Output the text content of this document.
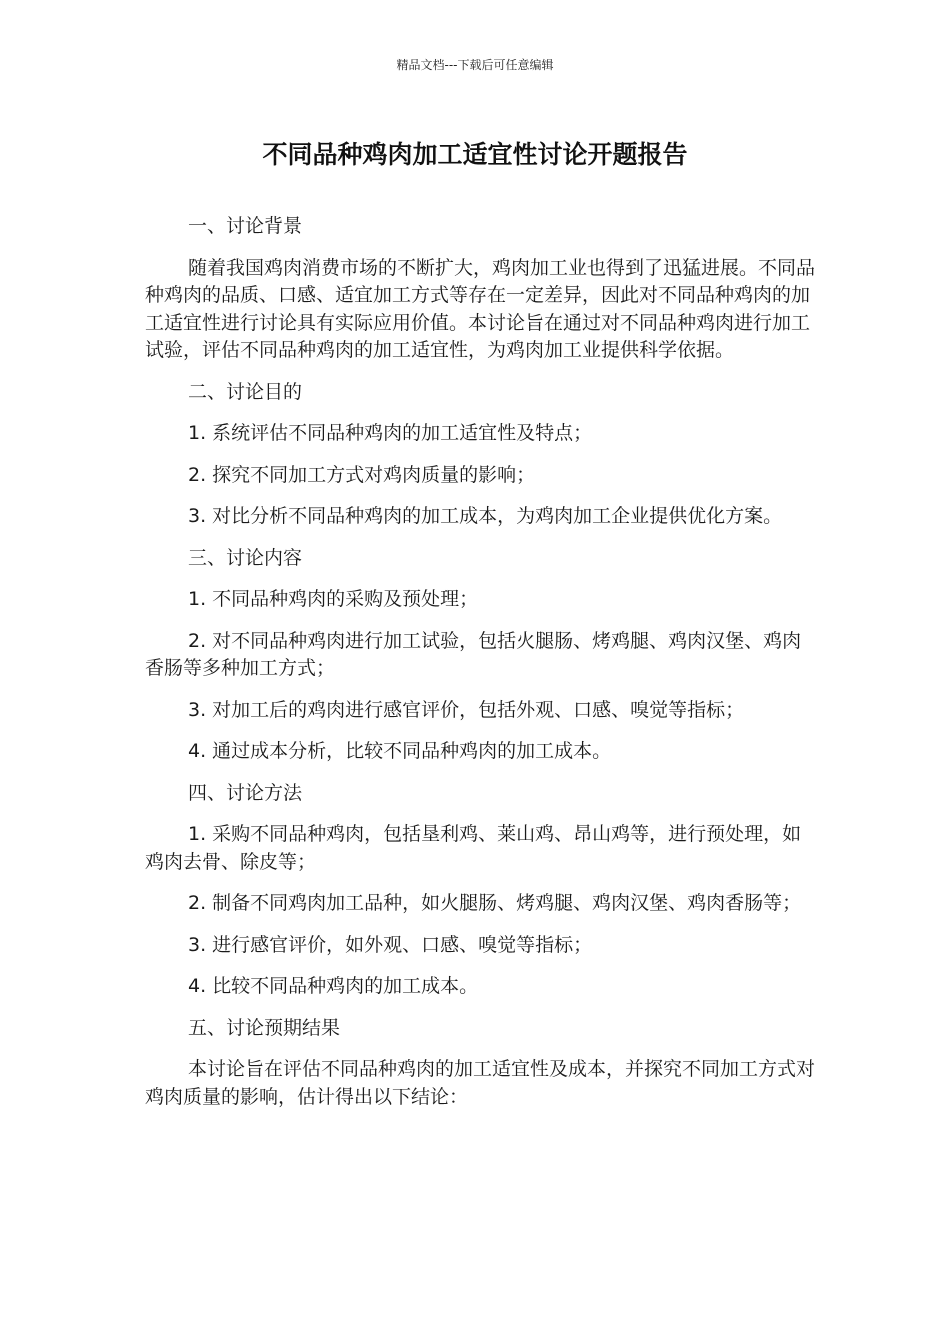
精品文档---下载后可任意编辑
不同品种鸡肉加工适宜性讨论开题报告

一、讨论背景

随着我国鸡肉消费市场的不断扩大，鸡肉加工业也得到了迅猛进展。不同品种鸡肉的品质、口感、适宜加工方式等存在一定差异，因此对不同品种鸡肉的加工适宜性进行讨论具有实际应用价值。本讨论旨在通过对不同品种鸡肉进行加工试验，评估不同品种鸡肉的加工适宜性，为鸡肉加工业提供科学依据。

二、讨论目的

1. 系统评估不同品种鸡肉的加工适宜性及特点；

2. 探究不同加工方式对鸡肉质量的影响；

3. 对比分析不同品种鸡肉的加工成本，为鸡肉加工企业提供优化方案。

三、讨论内容

1. 不同品种鸡肉的采购及预处理；

2. 对不同品种鸡肉进行加工试验，包括火腿肠、烤鸡腿、鸡肉汉堡、鸡肉香肠等多种加工方式；

3. 对加工后的鸡肉进行感官评价，包括外观、口感、嗅觉等指标；

4. 通过成本分析，比较不同品种鸡肉的加工成本。

四、讨论方法

1. 采购不同品种鸡肉，包括垦利鸡、莱山鸡、昂山鸡等，进行预处理，如鸡肉去骨、除皮等；

2. 制备不同鸡肉加工品种，如火腿肠、烤鸡腿、鸡肉汉堡、鸡肉香肠等；

3. 进行感官评价，如外观、口感、嗅觉等指标；

4. 比较不同品种鸡肉的加工成本。

五、讨论预期结果

本讨论旨在评估不同品种鸡肉的加工适宜性及成本，并探究不同加工方式对鸡肉质量的影响，估计得出以下结论：
